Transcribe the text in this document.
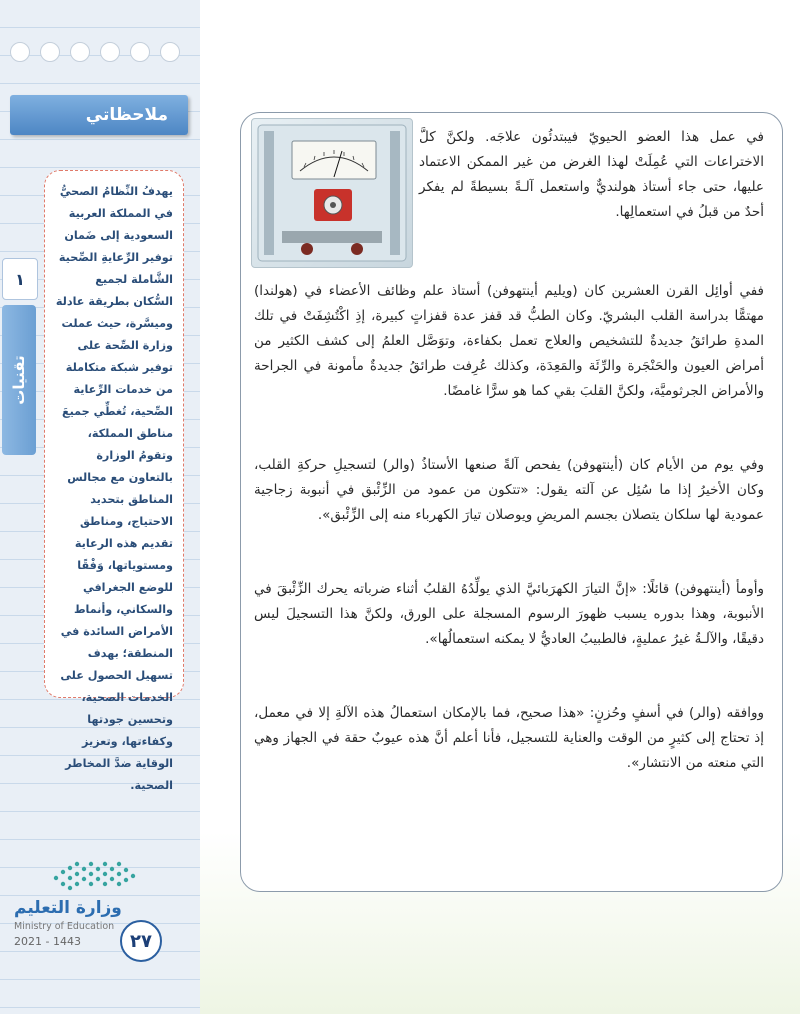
ملاحظاتي
١
تقنيات
يهدفُ النِّظامُ الصحيُّ في المملكة العربية السعودية إلى ضَمان توفير الرِّعايةِ الصِّحية الشَّاملة لجميع السُّكان بطريقة عادلة وميسَّرة، حيث عملت وزارة الصِّحة على توفير شبكة متكاملة من خدمات الرِّعاية الصِّحية، تُغطِّي جميعَ مناطق المملكة، وتقومُ الوزارة بالتعاون مع مجالس المناطق بتحديد الاحتياج، ومناطق تقديم هذه الرعاية ومستوياتها، وَفْقًا للوضع الجغرافي والسكاني، وأنماط الأمراض السائدة في المنطقة؛ بهدف تسهيل الحصول على الخدمات الصحية، وتحسين جودتها وكفاءتها، وتعزيز الوقاية ضدَّ المخاطر الصحية.
وزارة التعليم
Ministry of Education
2021 - 1443	٢٧

في عمل هذا العضو الحيويّ فيبتدئُون علاجَه. ولكنَّ كلَّ الاختراعات التي عُمِلَتْ لهذا الغرض من غير الممكن الاعتماد عليها، حتى جاء أستاذ هولنديٌّ واستعمل آلـةً بسيطةً لم يفكر أحدٌ من قبلُ في استعمالِها.

ففي أوائِل القرن العشرين كان (ويليم أينتهوفن) أستاذ علم وظائف الأعضاء في (هولندا) مهتمًّا بدراسة القلب البشريّ. وكان الطبُّ قد قفز عدة قفزاتٍ كبيرة، إذِ اكْتُشِفَتْ في تلك المدةِ طرائقُ جديدةٌ للتشخيص والعلاج تعمل بكفاءة، وتوَصَّل العلمُ إلى كشف الكثير من أمراض العيون والحَنْجَرة والرِّئَة والمَعِدَة، وكذلك عُرِفت طرائقُ جديدةٌ مأمونة في الجراحة والأمراض الجرثوميَّة، ولكنَّ القلبَ بقي كما هو سرًّا غامضًا.

وفي يوم من الأيام كان (أينتهوفن) يفحص آلةً صنعها الأستاذُ (والر) لتسجيلِ حركةِ القلب، وكان الأخيرُ إذا ما سُئِل عن آلته يقول: «تتكون من عمود من الزِّئْبق في أنبوبة زجاجية عمودية لها سلكان يتصلان بجسم المريضِ ويوصلان تيارَ الكهرباء منه إلى الزِّئْبق».

وأومأ (أينتهوفن) قائلًا: «إنَّ التيارَ الكهرَبائيَّ الذي يولِّدُهُ القلبُ أثناء ضرباته يحرك الزِّئْبقَ في الأنبوبة، وهذا بدوره يسبب ظهورَ الرسوم المسجلة على الورق، ولكنَّ هذا التسجيلَ ليس دقيقًا، والآلـةُ غيرُ عمليةٍ، فالطبيبُ العاديُّ لا يمكنه استعمالُها».

ووافقه (والر) في أسفٍ وحُزنٍ: «هذا صحيح، فما بالإمكان استعمالُ هذه الآلةِ إلا في معمل، إذ تحتاج إلى كثيرٍ من الوقت والعناية للتسجيل، فأنا أعلم أنَّ هذه عيوبٌ حقة في الجهاز وهي التي منعته من الانتشار».
